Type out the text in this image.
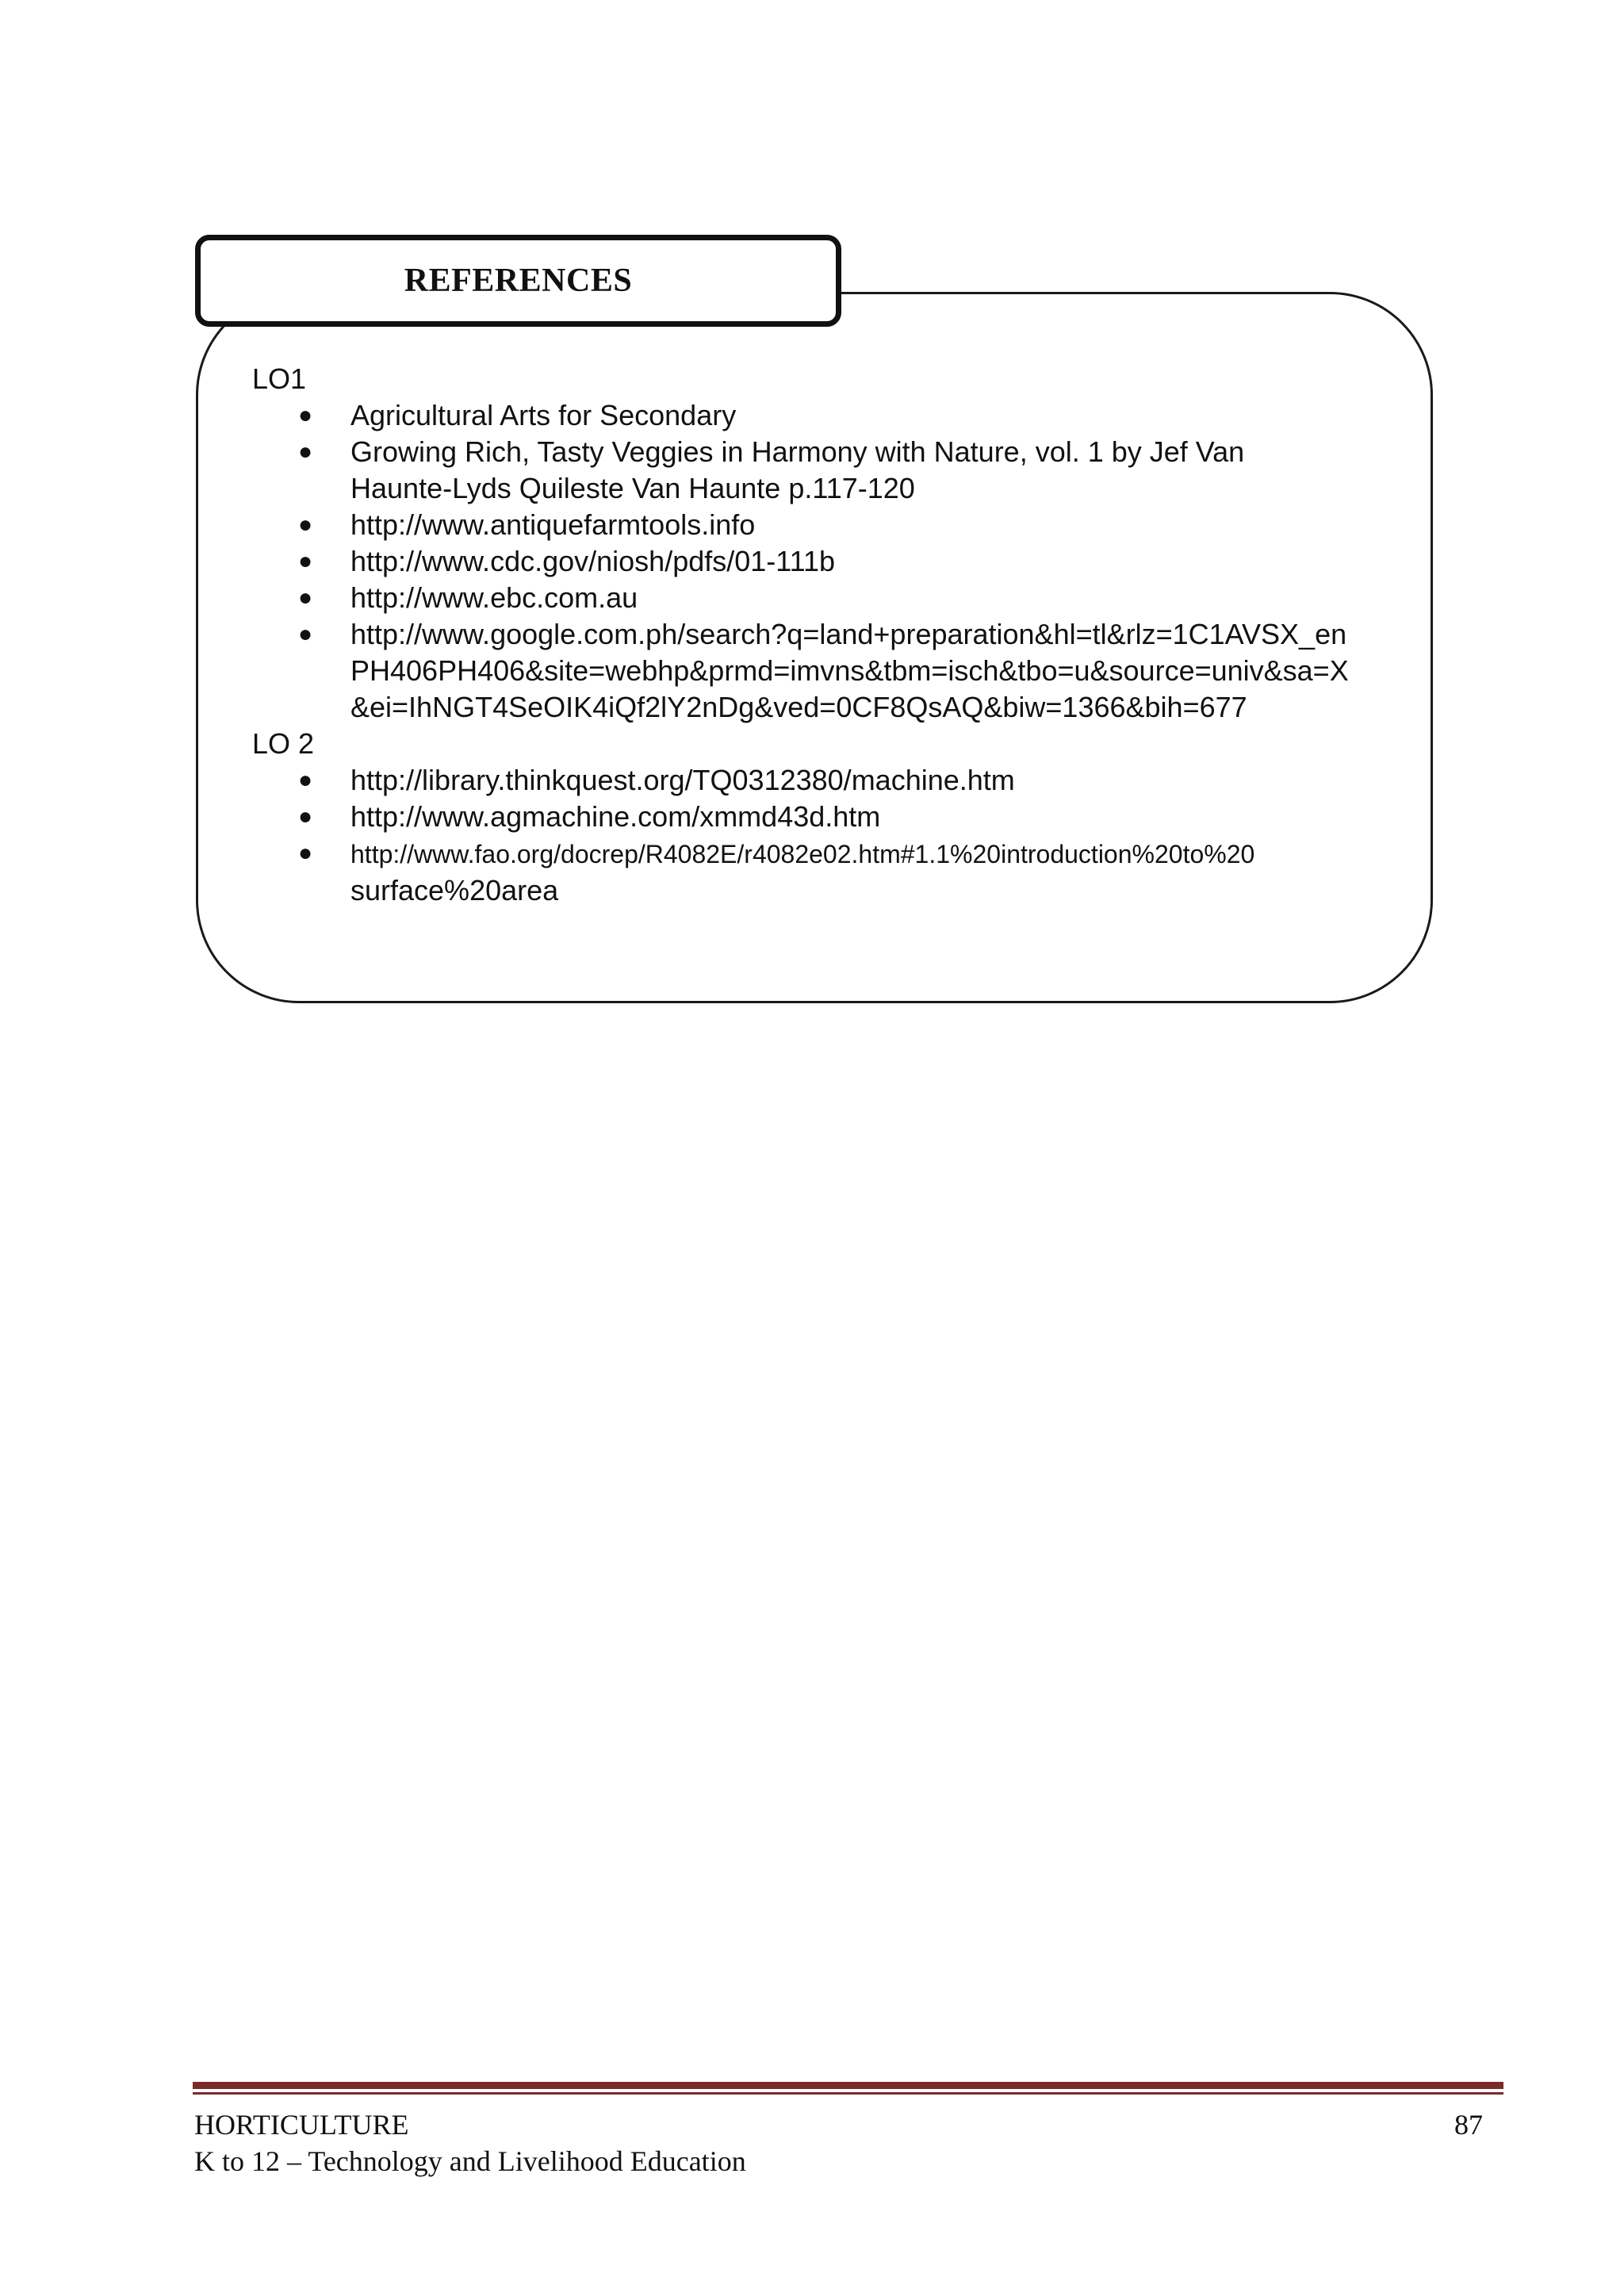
REFERENCES

LO1

● Agricultural Arts for Secondary
● Growing Rich, Tasty Veggies in Harmony with Nature, vol. 1 by Jef Van Haunte-Lyds Quileste Van Haunte p.117-120
● http://www.antiquefarmtools.info
● http://www.cdc.gov/niosh/pdfs/01-111b
● http://www.ebc.com.au
● http://www.google.com.ph/search?q=land+preparation&hl=tl&rlz=1C1AVSX_enPH406PH406&site=webhp&prmd=imvns&tbm=isch&tbo=u&source=univ&sa=X&ei=IhNGT4SeOIK4iQf2lY2nDg&ved=0CF8QsAQ&biw=1366&bih=677

LO 2

● http://library.thinkquest.org/TQ0312380/machine.htm
● http://www.agmachine.com/xmmd43d.htm
● http://www.fao.org/docrep/R4082E/r4082e02.htm#1.1%20introduction%20to%20
surface%20area
HORTICULTURE
K to 12 – Technology and Livelihood Education
87
